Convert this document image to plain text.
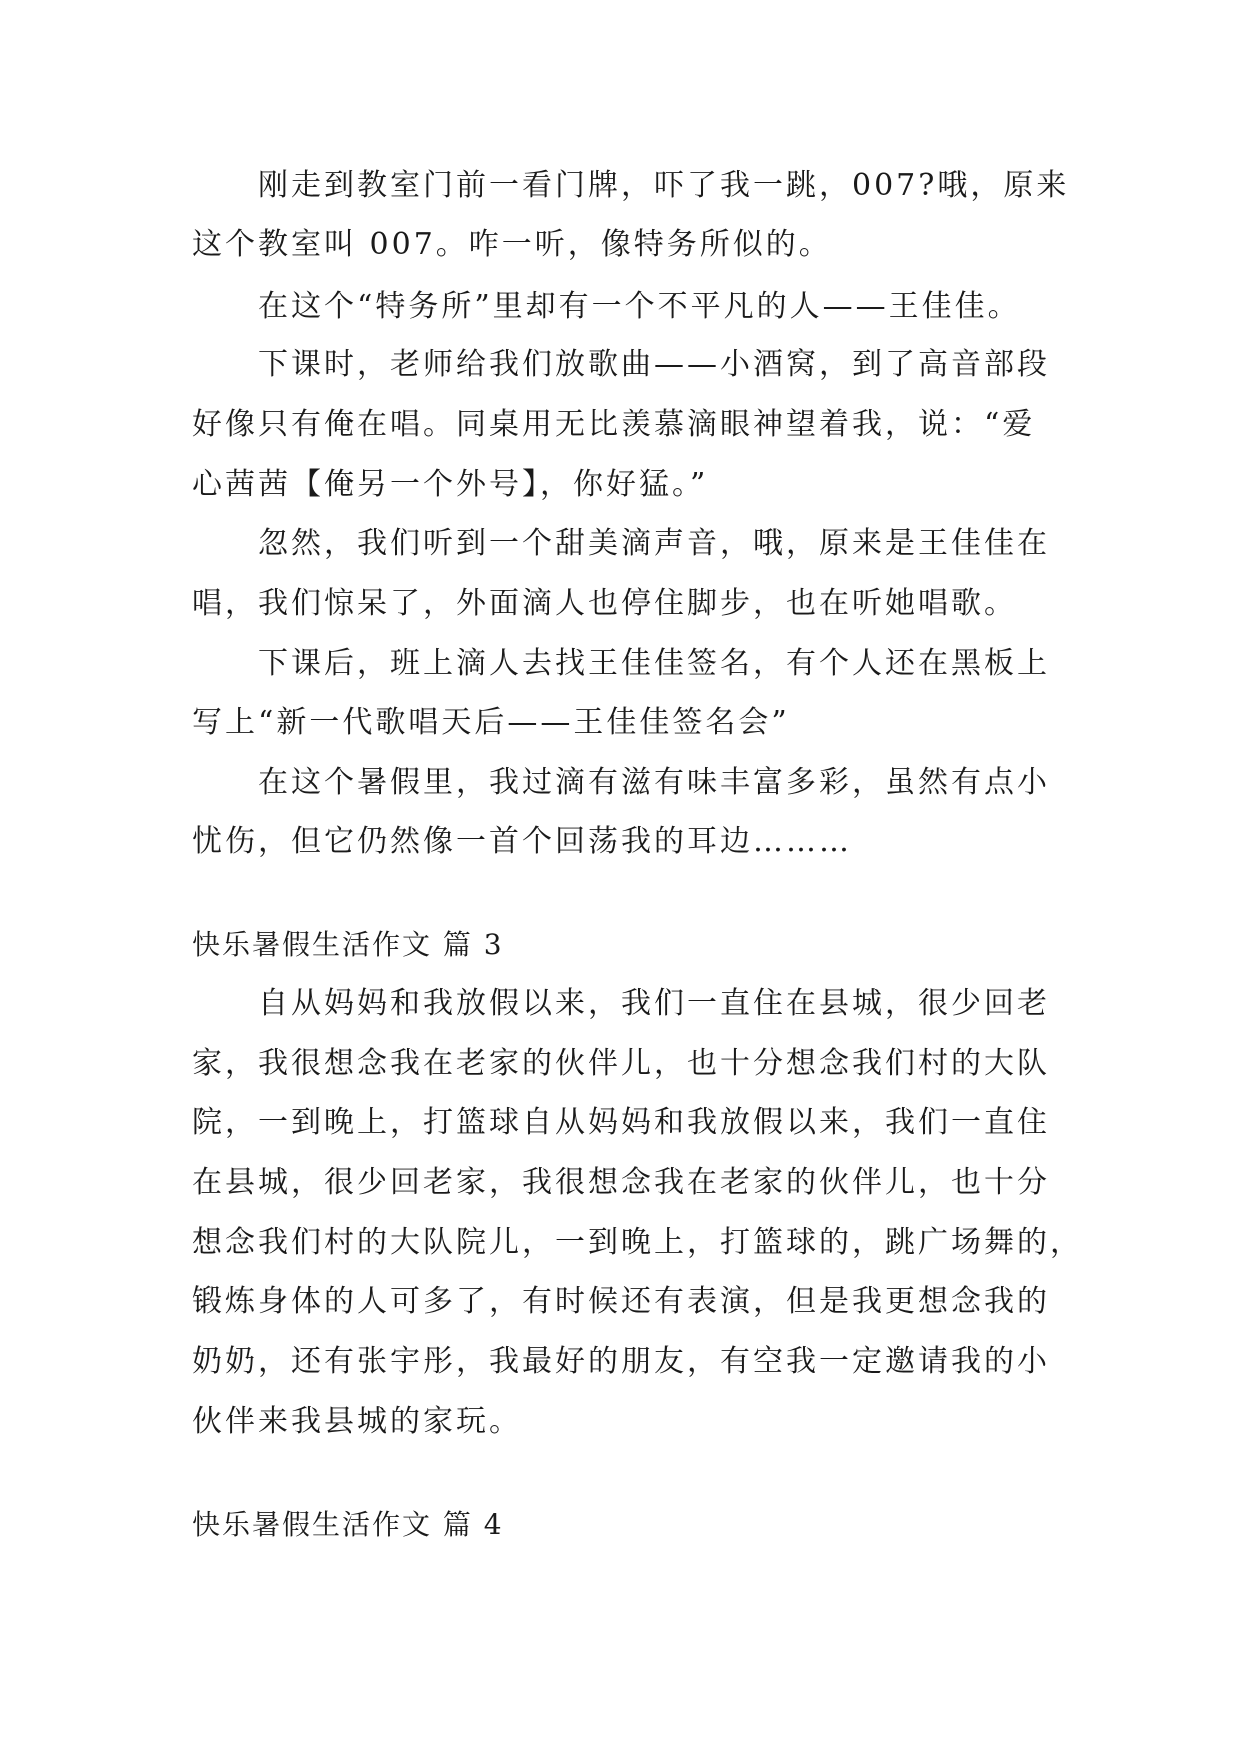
刚走到教室门前一看门牌，吓了我一跳，007?哦，原来
这个教室叫 007。咋一听，像特务所似的。
在这个“特务所”里却有一个不平凡的人——王佳佳。
下课时，老师给我们放歌曲——小酒窝，到了高音部段
好像只有俺在唱。同桌用无比羡慕滴眼神望着我，说：“爱
心茜茜【俺另一个外号】，你好猛。”
忽然，我们听到一个甜美滴声音，哦，原来是王佳佳在
唱，我们惊呆了，外面滴人也停住脚步，也在听她唱歌。
下课后，班上滴人去找王佳佳签名，有个人还在黑板上
写上“新一代歌唱天后——王佳佳签名会”
在这个暑假里，我过滴有滋有味丰富多彩，虽然有点小
忧伤，但它仍然像一首个回荡我的耳边………
快乐暑假生活作文 篇 3
自从妈妈和我放假以来，我们一直住在县城，很少回老
家，我很想念我在老家的伙伴儿，也十分想念我们村的大队
院，一到晚上，打篮球自从妈妈和我放假以来，我们一直住
在县城，很少回老家，我很想念我在老家的伙伴儿，也十分
想念我们村的大队院儿，一到晚上，打篮球的，跳广场舞的，
锻炼身体的人可多了，有时候还有表演，但是我更想念我的
奶奶，还有张宇彤，我最好的朋友，有空我一定邀请我的小
伙伴来我县城的家玩。
快乐暑假生活作文 篇 4
